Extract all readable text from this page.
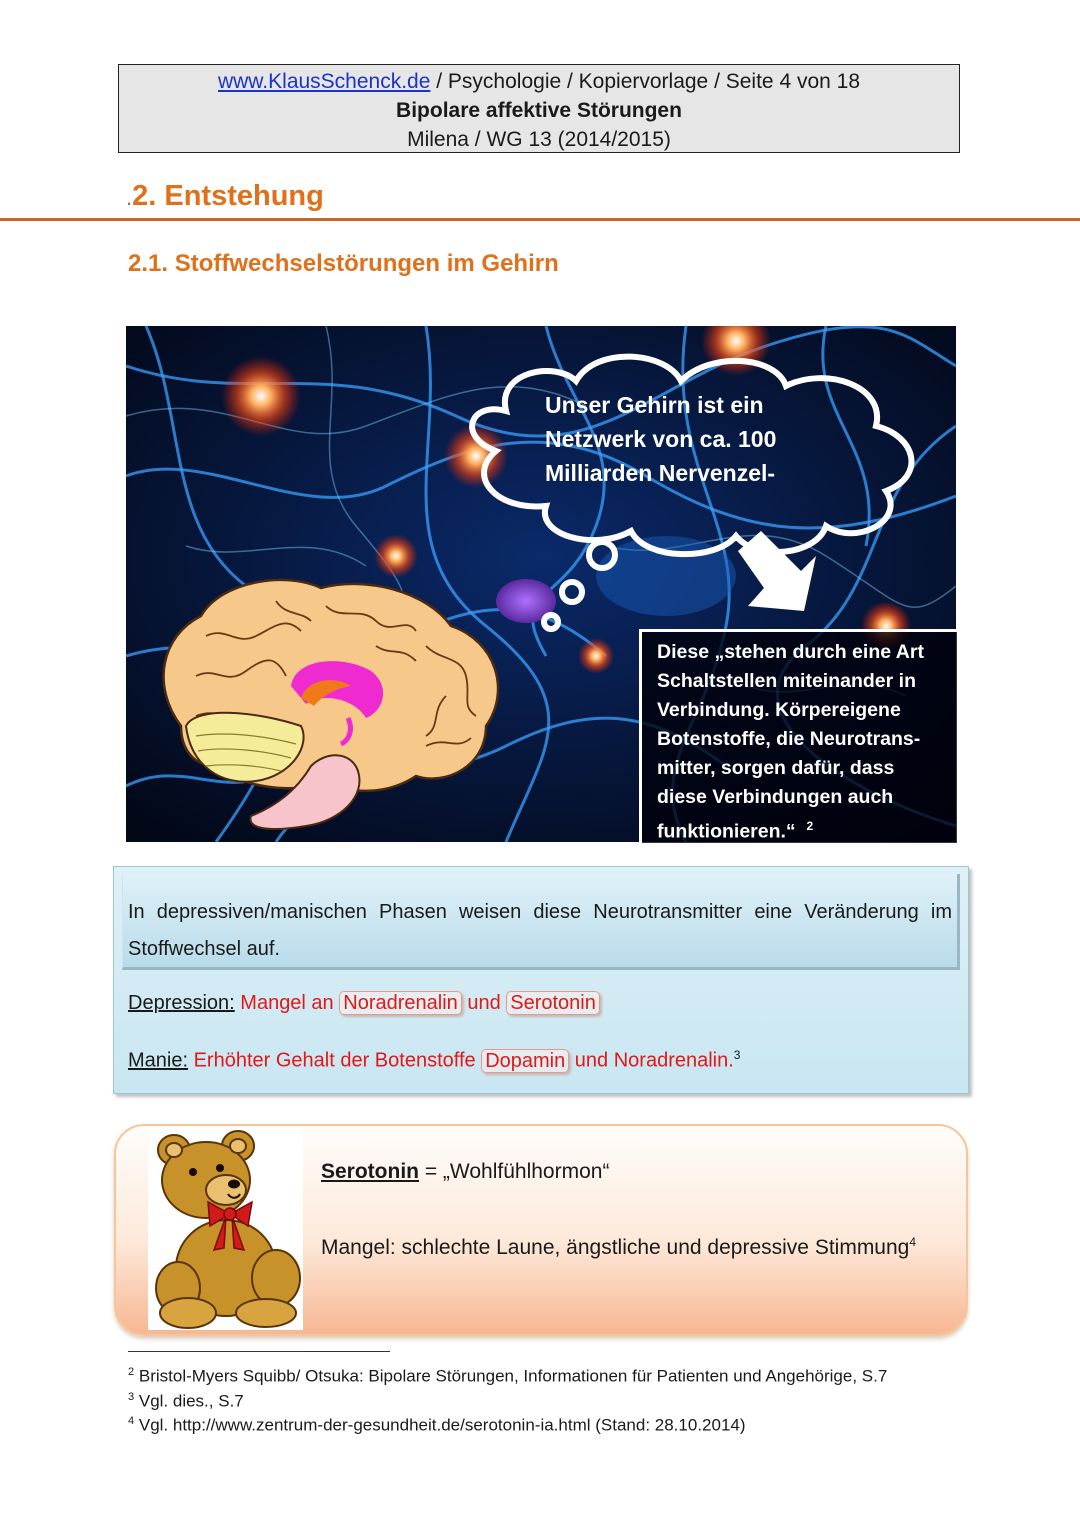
www.KlausSchenck.de / Psychologie / Kopiervorlage / Seite 4 von 18
Bipolare affektive Störungen
Milena / WG 13 (2014/2015)
.2. Entstehung
2.1. Stoffwechselstörungen im Gehirn
Unser Gehirn ist ein
Netzwerk von ca. 100
Milliarden Nervenzel-
Diese „stehen durch eine Art
Schaltstellen miteinander in
Verbindung. Körpereigene
Botenstoffe, die Neurotrans-
mitter, sorgen dafür, dass
diese Verbindungen auch
funktionieren.“ $^2$
In depressiven/manischen Phasen weisen diese Neurotransmitter eine Veränderung im Stoffwechsel auf.
Depression: Mangel an Noradrenalin und Serotonin
Manie: Erhöhter Gehalt der Botenstoffe Dopamin und Noradrenalin.$^3$
Serotonin = „Wohlfühlhormon“
Mangel: schlechte Laune, ängstliche und depressive Stimmung$^4$
$^2$ Bristol-Myers Squibb/ Otsuka: Bipolare Störungen, Informationen für Patienten und Angehörige, S.7
$^3$ Vgl. dies., S.7
$^4$ Vgl. http://www.zentrum-der-gesundheit.de/serotonin-ia.html (Stand: 28.10.2014)
